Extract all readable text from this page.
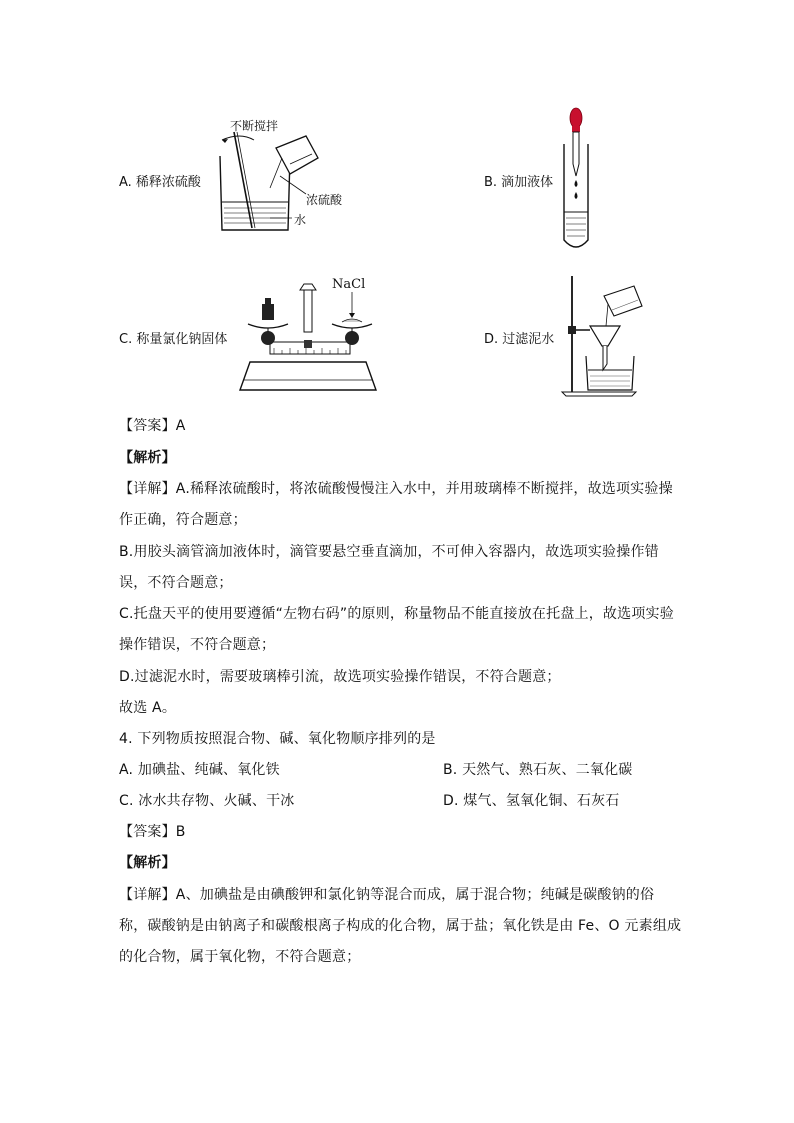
A. 稀释浓硫酸
不断搅拌
浓硫酸
水
B. 滴加液体
C. 称量氯化钠固体
NaCl
D. 过滤泥水
【答案】A
【解析】
【详解】A.稀释浓硫酸时，将浓硫酸慢慢注入水中，并用玻璃棒不断搅拌，故选项实验操
作正确，符合题意；
B.用胶头滴管滴加液体时，滴管要悬空垂直滴加，不可伸入容器内，故选项实验操作错
误，不符合题意；
C.托盘天平的使用要遵循“左物右码”的原则，称量物品不能直接放在托盘上，故选项实验
操作错误，不符合题意；
D.过滤泥水时，需要玻璃棒引流，故选项实验操作错误，不符合题意；
故选 A。
4. 下列物质按照混合物、碱、氧化物顺序排列的是
A. 加碘盐、纯碱、氧化铁	B. 天然气、熟石灰、二氧化碳
C. 冰水共存物、火碱、干冰	D. 煤气、氢氧化铜、石灰石
【答案】B
【解析】
【详解】A、加碘盐是由碘酸钾和氯化钠等混合而成，属于混合物；纯碱是碳酸钠的俗
称，碳酸钠是由钠离子和碳酸根离子构成的化合物，属于盐；氧化铁是由 Fe、O 元素组成
的化合物，属于氧化物，不符合题意；
